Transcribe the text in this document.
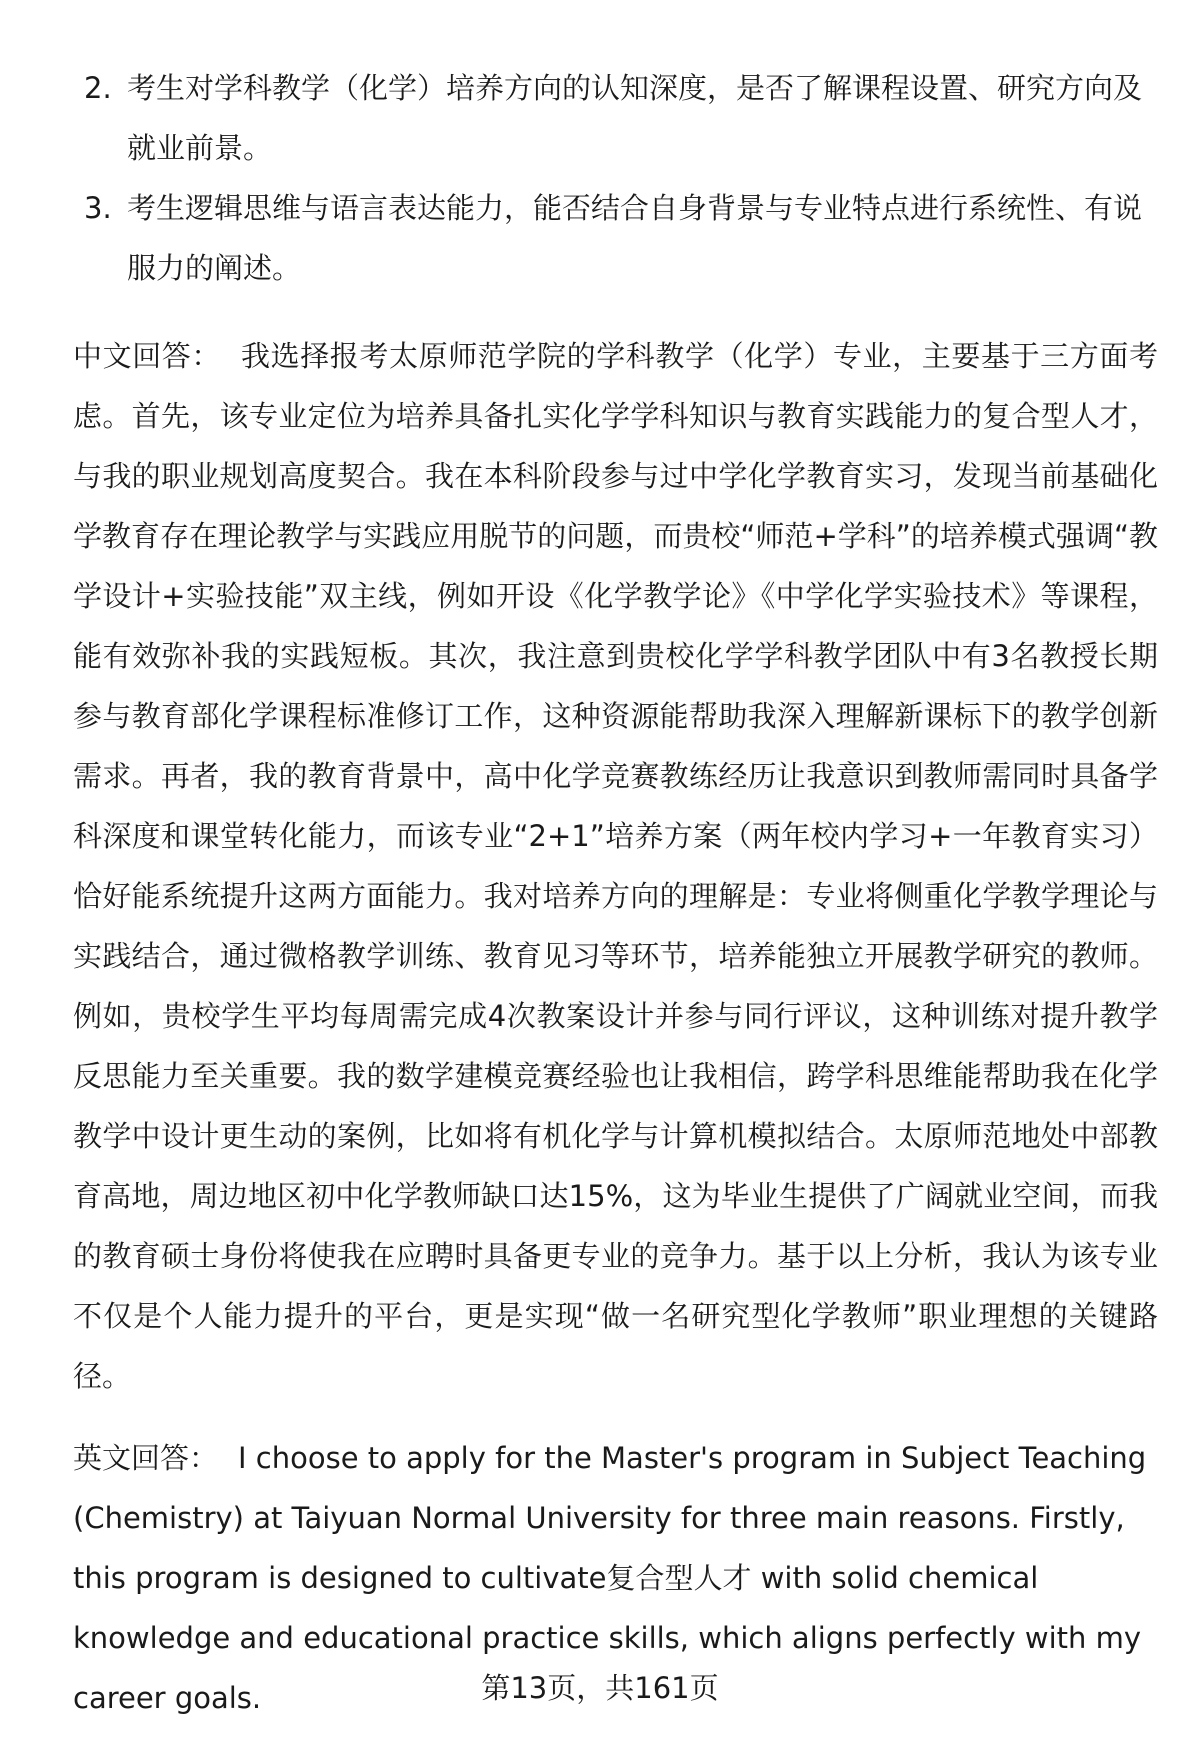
2. 考生对学科教学（化学）培养方向的认知深度，是否了解课程设置、研究方向及就业前景。
3. 考生逻辑思维与语言表达能力，能否结合自身背景与专业特点进行系统性、有说服力的阐述。

中文回答： 我选择报考太原师范学院的学科教学（化学）专业，主要基于三方面考虑。首先，该专业定位为培养具备扎实化学学科知识与教育实践能力的复合型人才，与我的职业规划高度契合。我在本科阶段参与过中学化学教育实习，发现当前基础化学教育存在理论教学与实践应用脱节的问题，而贵校“师范+学科”的培养模式强调“教学设计+实验技能”双主线，例如开设《化学教学论》《中学化学实验技术》等课程，能有效弥补我的实践短板。其次，我注意到贵校化学学科教学团队中有3名教授长期参与教育部化学课程标准修订工作，这种资源能帮助我深入理解新课标下的教学创新需求。再者，我的教育背景中，高中化学竞赛教练经历让我意识到教师需同时具备学科深度和课堂转化能力，而该专业“2+1”培养方案（两年校内学习+一年教育实习）恰好能系统提升这两方面能力。我对培养方向的理解是：专业将侧重化学教学理论与实践结合，通过微格教学训练、教育见习等环节，培养能独立开展教学研究的教师。例如，贵校学生平均每周需完成4次教案设计并参与同行评议，这种训练对提升教学反思能力至关重要。我的数学建模竞赛经验也让我相信，跨学科思维能帮助我在化学教学中设计更生动的案例，比如将有机化学与计算机模拟结合。太原师范地处中部教育高地，周边地区初中化学教师缺口达15%，这为毕业生提供了广阔就业空间，而我的教育硕士身份将使我在应聘时具备更专业的竞争力。基于以上分析，我认为该专业不仅是个人能力提升的平台，更是实现“做一名研究型化学教师”职业理想的关键路径。

英文回答： I choose to apply for the Master's program in Subject Teaching (Chemistry) at Taiyuan Normal University for three main reasons. Firstly, this program is designed to cultivate复合型人才 with solid chemical knowledge and educational practice skills, which aligns perfectly with my career goals.	第13页，共161页
